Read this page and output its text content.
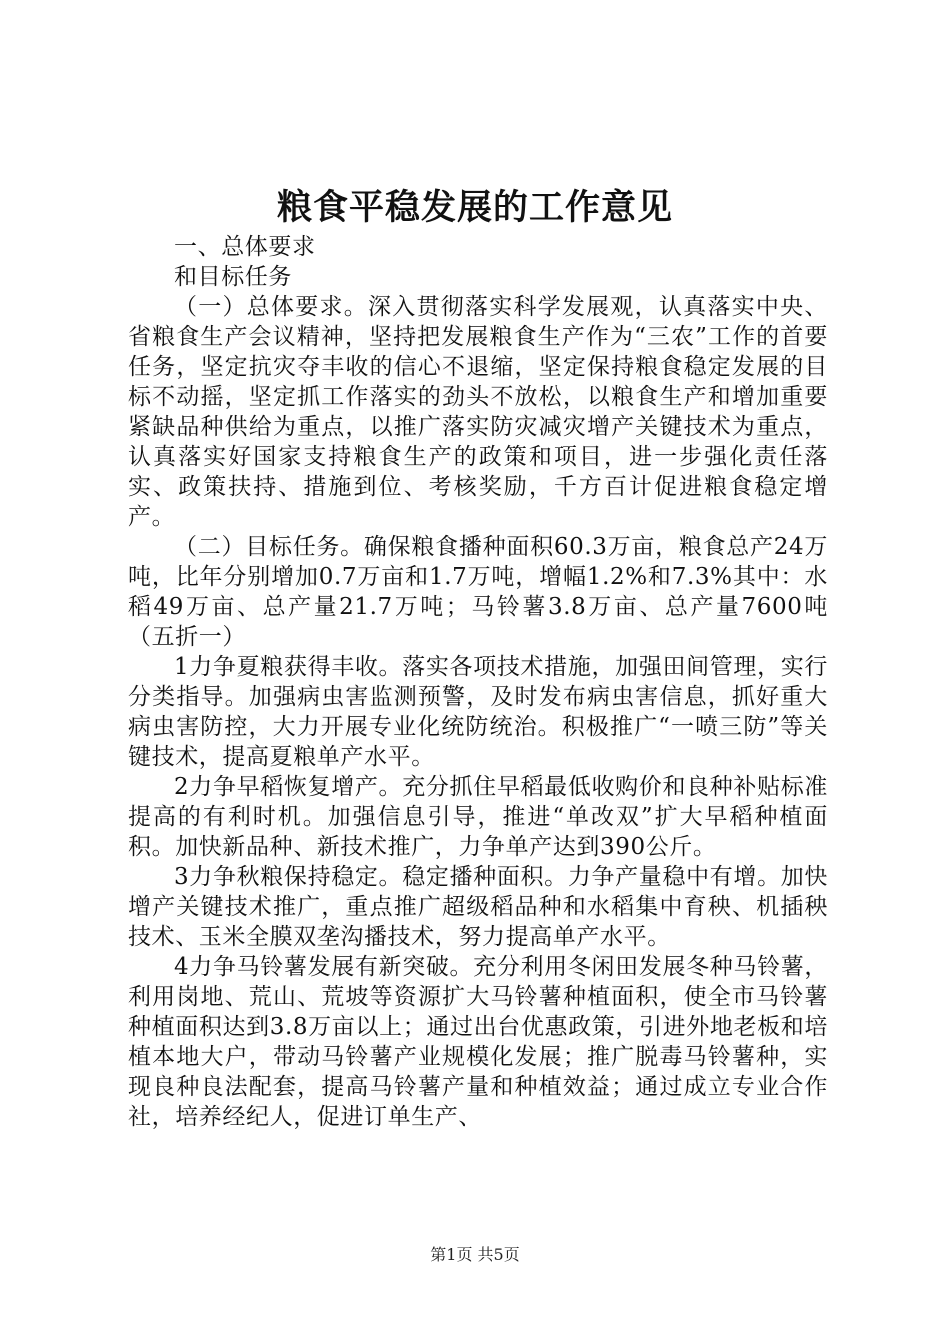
粮食平稳发展的工作意见

一、总体要求

和目标任务

（一）总体要求。深入贯彻落实科学发展观，认真落实中央、省粮食生产会议精神，坚持把发展粮食生产作为“三农”工作的首要任务，坚定抗灾夺丰收的信心不退缩，坚定保持粮食稳定发展的目标不动摇，坚定抓工作落实的劲头不放松，以粮食生产和增加重要紧缺品种供给为重点，以推广落实防灾减灾增产关键技术为重点，认真落实好国家支持粮食生产的政策和项目，进一步强化责任落实、政策扶持、措施到位、考核奖励，千方百计促进粮食稳定增产。

（二）目标任务。确保粮食播种面积60.3万亩，粮食总产24万吨，比年分别增加0.7万亩和1.7万吨，增幅1.2%和7.3%其中：水稻49万亩、总产量21.7万吨；马铃薯3.8万亩、总产量7600吨（五折一）

1力争夏粮获得丰收。落实各项技术措施，加强田间管理，实行分类指导。加强病虫害监测预警，及时发布病虫害信息，抓好重大病虫害防控，大力开展专业化统防统治。积极推广“一喷三防”等关键技术，提高夏粮单产水平。

2力争早稻恢复增产。充分抓住早稻最低收购价和良种补贴标准提高的有利时机。加强信息引导，推进“单改双”扩大早稻种植面积。加快新品种、新技术推广，力争单产达到390公斤。

3力争秋粮保持稳定。稳定播种面积。力争产量稳中有增。加快增产关键技术推广，重点推广超级稻品种和水稻集中育秧、机插秧技术、玉米全膜双垄沟播技术，努力提高单产水平。

4力争马铃薯发展有新突破。充分利用冬闲田发展冬种马铃薯，利用岗地、荒山、荒坡等资源扩大马铃薯种植面积，使全市马铃薯种植面积达到3.8万亩以上；通过出台优惠政策，引进外地老板和培植本地大户，带动马铃薯产业规模化发展；推广脱毒马铃薯种，实现良种良法配套，提高马铃薯产量和种植效益；通过成立专业合作社，培养经纪人，促进订单生产、

第1页 共5页
